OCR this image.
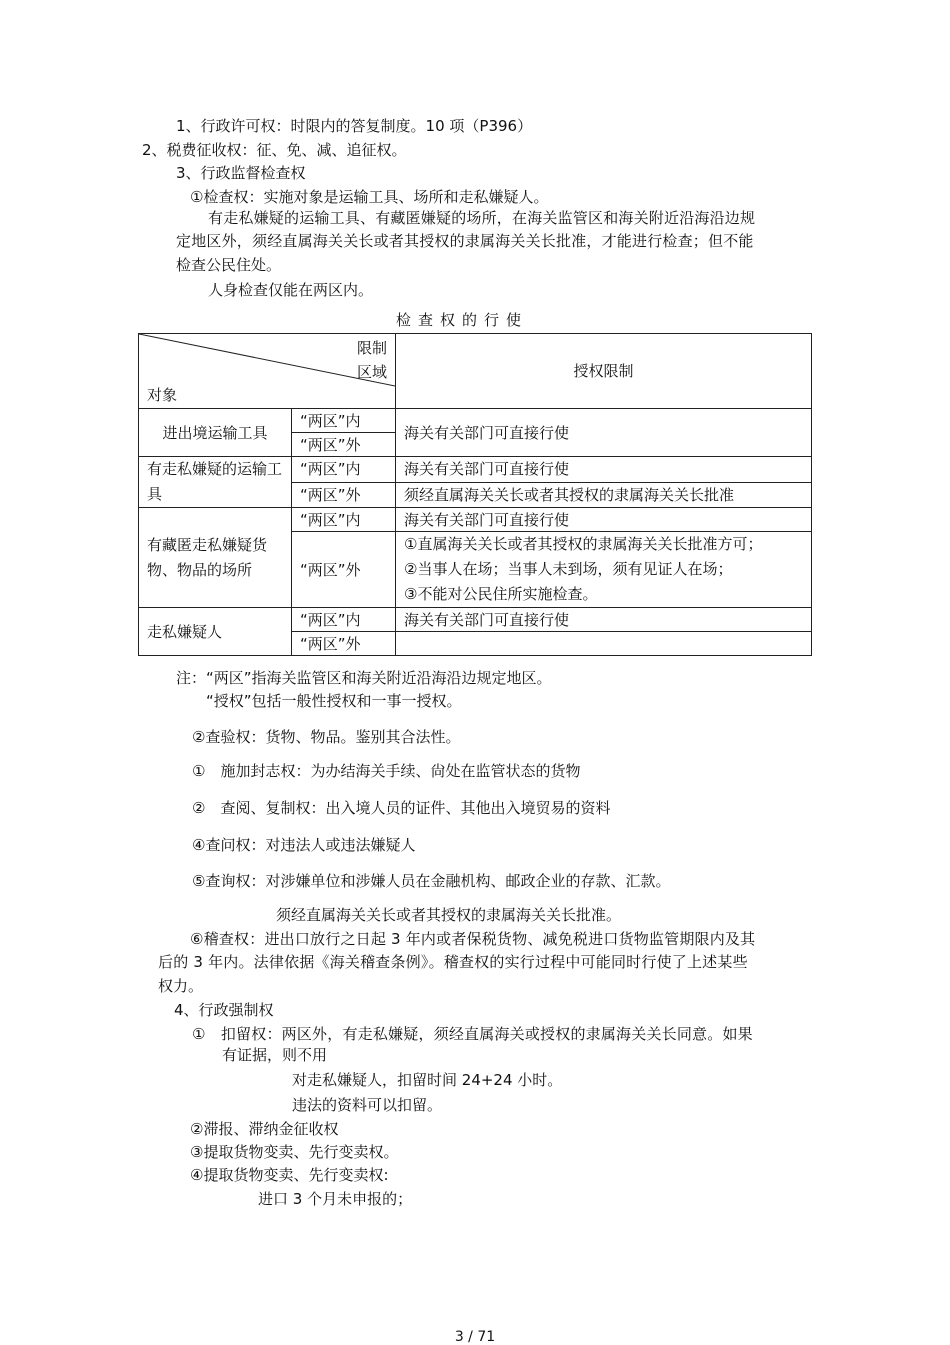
1、行政许可权：时限内的答复制度。10 项（P396）
2、税费征收权：征、免、减、追征权。
3、行政监督检查权
①检查权：实施对象是运输工具、场所和走私嫌疑人。
有走私嫌疑的运输工具、有藏匿嫌疑的场所，在海关监管区和海关附近沿海沿边规
定地区外，须经直属海关关长或者其授权的隶属海关关长批准，才能进行检查；但不能
检查公民住处。
人身检查仅能在两区内。
检查权的行使
限制
区域
对象		授权限制
进出境运输工具	“两区”内	海关有关部门可直接行使
	“两区”外	
有走私嫌疑的运输工具	“两区”内	海关有关部门可直接行使
	“两区”外	须经直属海关关长或者其授权的隶属海关关长批准
有藏匿走私嫌疑货物、物品的场所	“两区”内	海关有关部门可直接行使
	“两区”外	①直属海关关长或者其授权的隶属海关关长批准方可；
②当事人在场；当事人未到场，须有见证人在场；
③不能对公民住所实施检查。

走私嫌疑人	“两区”内	海关有关部门可直接行使
	“两区”外	
注：“两区”指海关监管区和海关附近沿海沿边规定地区。
“授权”包括一般性授权和一事一授权。
②查验权：货物、物品。鉴别其合法性。
①　施加封志权：为办结海关手续、尙处在监管状态的货物
②　查阅、复制权：出入境人员的证件、其他出入境贸易的资料
④查问权：对违法人或违法嫌疑人
⑤查询权：对涉嫌单位和涉嫌人员在金融机构、邮政企业的存款、汇款。
须经直属海关关长或者其授权的隶属海关关长批准。
⑥稽查权：进出口放行之日起 3 年内或者保税货物、减免税进口货物监管期限内及其
后的 3 年内。法律依据《海关稽查条例》。稽查权的实行过程中可能同时行使了上述某些
权力。
4、行政强制权
①　扣留权：两区外，有走私嫌疑，须经直属海关或授权的隶属海关关长同意。如果
有证据，则不用
对走私嫌疑人，扣留时间 24+24 小时。
违法的资料可以扣留。
②滞报、滞纳金征收权
③提取货物变卖、先行变卖权。
④提取货物变卖、先行变卖权:
进口 3 个月未申报的；
3 / 71
